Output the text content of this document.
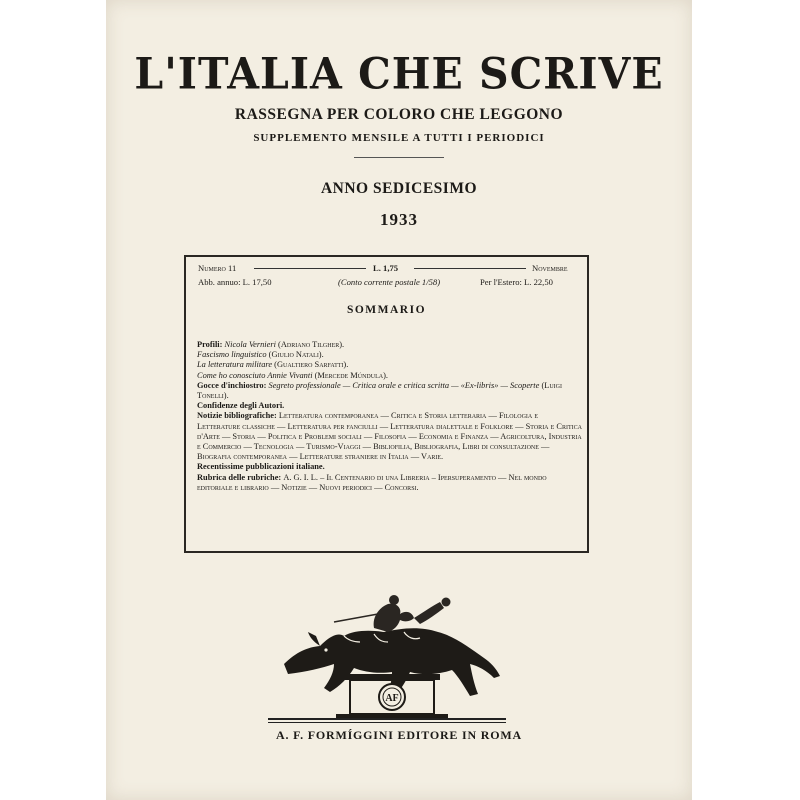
L'ITALIA CHE SCRIVE
RASSEGNA PER COLORO CHE LEGGONO
SUPPLEMENTO MENSILE A TUTTI I PERIODICI
ANNO SEDICESIMO
1933
Numero 11	L. 1,75	Novembre
Abb. annuo: L. 17,50	(Conto corrente postale 1/58)	Per l'Estero: L. 22,50
SOMMARIO

Profili: Nicola Vernieri (Adriano Tilgher).

Fascismo linguistico (Giulio Natali).

La letteratura militare (Gualtiero Sarfatti).

Come ho conosciuto Annie Vivanti (Mercede Múndula).

Gocce d'inchiostro: Segreto professionale — Critica orale e critica scritta — «Ex-libris» — Scoperte (Luigi Tonelli).

Confidenze degli Autori.

Notizie bibliografiche: Letteratura contemporanea — Critica e Storia letteraria — Filologia e Letterature classiche — Letteratura per fanciulli — Letteratura dialettale e Folklore — Storia e Critica d'Arte — Storia — Politica e Problemi sociali — Filosofia — Economia e Finanza — Agricoltura, Industria e Commercio — Tecnologia — Turismo-Viaggi — Bibliofilia, Bibliografia, Libri di consultazione — Biografia contemporanea — Letterature straniere in Italia — Varie.

Recentissime pubblicazioni italiane.

Rubrica delle rubriche: A. G. I. L. – Il Centenario di una Libreria – Ipersuperamento — Nel mondo editoriale e librario — Notizie — Nuovi periodici — Concorsi.

AF
A. F. FORMÍGGINI EDITORE IN ROMA
